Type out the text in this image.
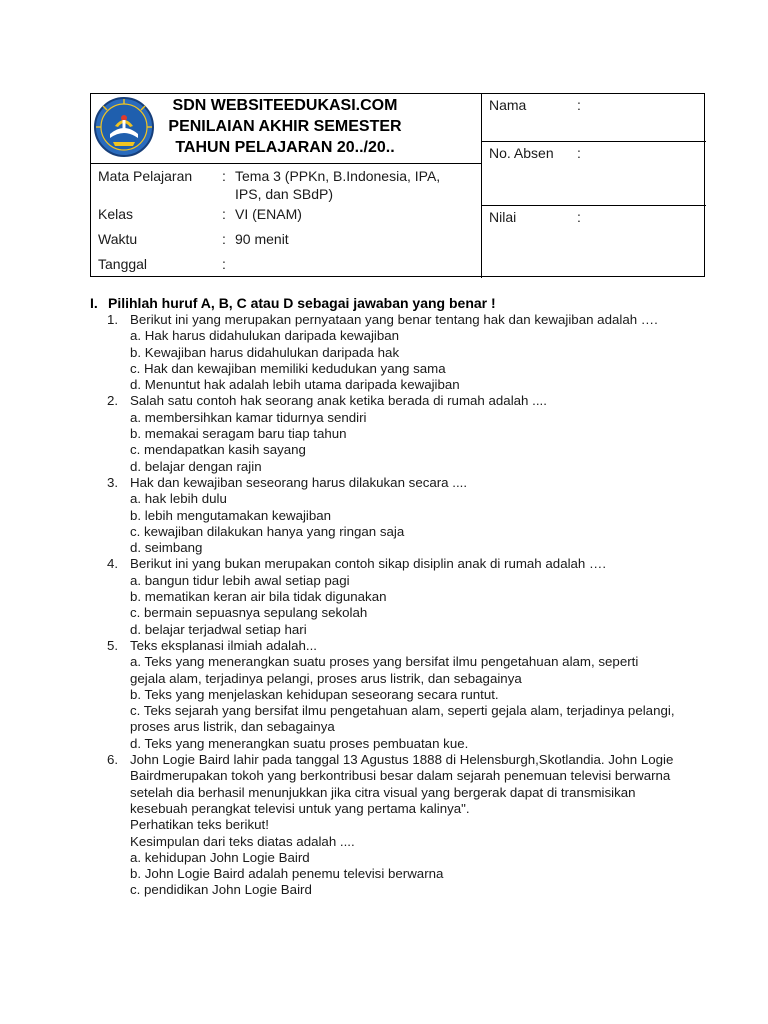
SDN WEBSITEEDUKASI.COM
PENILAIAN AKHIR SEMESTER
TAHUN PELAJARAN 20../20..
Mata Pelajaran : Tema 3 (PPKn, B.Indonesia, IPA, IPS, dan SBdP)
Kelas	: VI (ENAM)
Waktu	: 90 menit
Tanggal	:
Nama	:
No. Absen :
Nilai	:
I. Pilihlah huruf A, B, C atau D sebagai jawaban yang benar !
1. Berikut ini yang merupakan pernyataan yang benar tentang hak dan kewajiban adalah ….
a. Hak harus didahulukan daripada kewajiban
b. Kewajiban harus didahulukan daripada hak
c. Hak dan kewajiban memiliki kedudukan yang sama
d. Menuntut hak adalah lebih utama daripada kewajiban
2. Salah satu contoh hak seorang anak ketika berada di rumah adalah ....
a. membersihkan kamar tidurnya sendiri
b. memakai seragam baru tiap tahun
c. mendapatkan kasih sayang
d. belajar dengan rajin
3. Hak dan kewajiban seseorang harus dilakukan secara ....
a. hak lebih dulu
b. lebih mengutamakan kewajiban
c. kewajiban dilakukan hanya yang ringan saja
d. seimbang
4. Berikut ini yang bukan merupakan contoh sikap disiplin anak di rumah adalah ….
a. bangun tidur lebih awal setiap pagi
b. mematikan keran air bila tidak digunakan
c. bermain sepuasnya sepulang sekolah
d. belajar terjadwal setiap hari
5. Teks eksplanasi ilmiah adalah...
a. Teks yang menerangkan suatu proses yang bersifat ilmu pengetahuan alam, seperti gejala alam, terjadinya pelangi, proses arus listrik, dan sebagainya
b. Teks yang menjelaskan kehidupan seseorang secara runtut.
c. Teks sejarah yang bersifat ilmu pengetahuan alam, seperti gejala alam, terjadinya pelangi, proses arus listrik, dan sebagainya
d. Teks yang menerangkan suatu proses pembuatan kue.
6. John Logie Baird lahir pada tanggal 13 Agustus 1888 di Helensburgh,Skotlandia. John Logie Bairdmerupakan tokoh yang berkontribusi besar dalam sejarah penemuan televisi berwarna setelah dia berhasil menunjukkan jika citra visual yang bergerak dapat di transmisikan kesebuah perangkat televisi untuk yang pertama kalinya".
Perhatikan teks berikut!
Kesimpulan dari teks diatas adalah ....
a. kehidupan John Logie Baird
b. John Logie Baird adalah penemu televisi berwarna
c. pendidikan John Logie Baird
